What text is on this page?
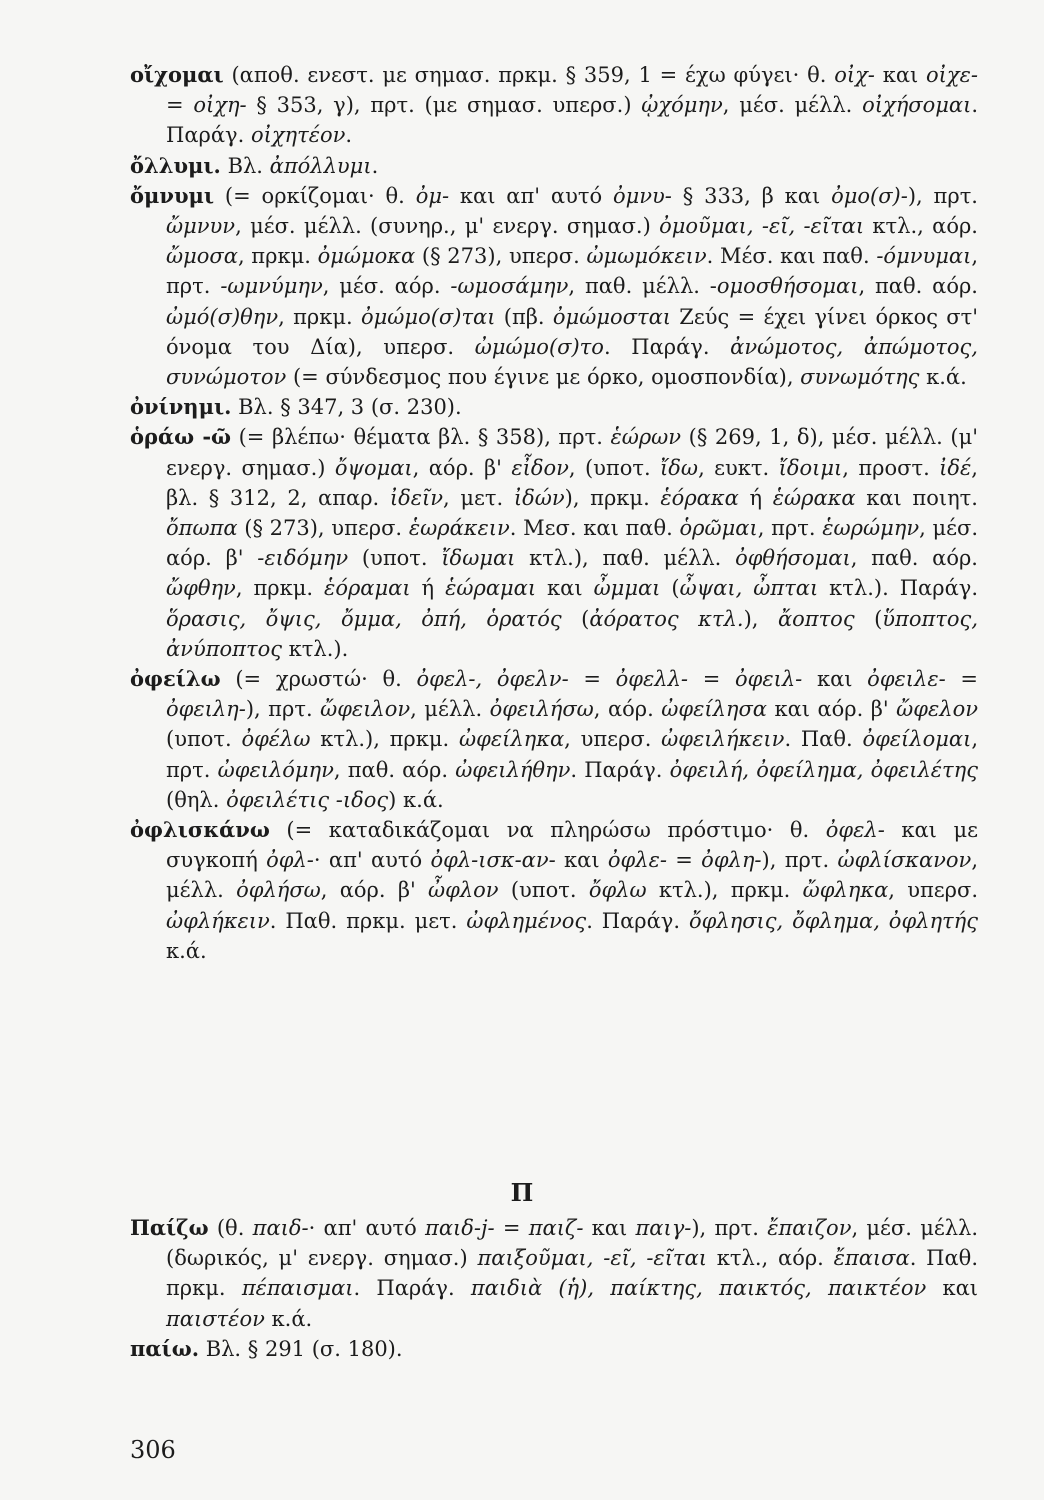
οἴχομαι (αποθ. ενεστ. με σημασ. πρκμ. § 359, 1 = έχω φύγει· θ. οἰχ- και οἰχε- = οἰχη- § 353, γ), πρτ. (με σημασ. υπερσ.) ᾠχόμην, μέσ. μέλλ. οἰχήσομαι. Παράγ. οἰχητέον.

ὄλλυμι. Βλ. ἀπόλλυμι.

ὄμνυμι (= ορκίζομαι· θ. ὀμ- και απ' αυτό ὀμνυ- § 333, β και ὀμο(σ)-), πρτ. ὤμνυν, μέσ. μέλλ. (συνηρ., μ' ενεργ. σημασ.) ὀμοῦμαι, -εῖ, -εῖται κτλ., αόρ. ὤμοσα, πρκμ. ὀμώμοκα (§ 273), υπερσ. ὠμωμόκειν. Μέσ. και παθ. -όμνυμαι, πρτ. -ωμνύμην, μέσ. αόρ. -ωμοσάμην, παθ. μέλλ. -ομοσθήσομαι, παθ. αόρ. ὠμό(σ)θην, πρκμ. ὀμώμο(σ)ται (πβ. ὀμώμοσται Ζεύς = έχει γίνει όρκος στ' όνομα του Δία), υπερσ. ὠμώμο(σ)το. Παράγ. ἀνώμοτος, ἀπώμοτος, συνώμοτον (= σύνδεσμος που έγινε με όρκο, ομοσπονδία), συνωμότης κ.ά.

ὀνίνημι. Βλ. § 347, 3 (σ. 230).

ὁράω -ῶ (= βλέπω· θέματα βλ. § 358), πρτ. ἑώρων (§ 269, 1, δ), μέσ. μέλλ. (μ' ενεργ. σημασ.) ὄψομαι, αόρ. β' εἶδον, (υποτ. ἴδω, ευκτ. ἴδοιμι, προστ. ἰδέ, βλ. § 312, 2, απαρ. ἰδεῖν, μετ. ἰδών), πρκμ. ἑόρακα ή ἑώρακα και ποιητ. ὄπωπα (§ 273), υπερσ. ἑωράκειν. Μεσ. και παθ. ὁρῶμαι, πρτ. ἑωρώμην, μέσ. αόρ. β' -ειδόμην (υποτ. ἴδωμαι κτλ.), παθ. μέλλ. ὀφθήσομαι, παθ. αόρ. ὤφθην, πρκμ. ἑόραμαι ή ἑώραμαι και ὦμμαι (ὦψαι, ὦπται κτλ.). Παράγ. ὅρασις, ὄψις, ὄμμα, ὀπή, ὁρατός (ἀόρατος κτλ.), ἄοπτος (ὕποπτος, ἀνύποπτος κτλ.).

ὀφείλω (= χρωστώ· θ. ὀφελ-, ὀφελν- = ὀφελλ- = ὀφειλ- και ὀφειλε- = ὀφειλη-), πρτ. ὤφειλον, μέλλ. ὀφειλήσω, αόρ. ὠφείλησα και αόρ. β' ὤφελον (υποτ. ὀφέλω κτλ.), πρκμ. ὠφείληκα, υπερσ. ὠφειλήκειν. Παθ. ὀφείλομαι, πρτ. ὠφειλόμην, παθ. αόρ. ὠφειλήθην. Παράγ. ὀφειλή, ὀφείλημα, ὀφειλέτης (θηλ. ὀφειλέτις -ιδος) κ.ά.

ὀφλισκάνω (= καταδικάζομαι να πληρώσω πρόστιμο· θ. ὀφελ- και με συγκοπή ὀφλ-· απ' αυτό ὀφλ-ισκ-αν- και ὀφλε- = ὀφλη-), πρτ. ὠφλίσκανον, μέλλ. ὀφλήσω, αόρ. β' ὦφλον (υποτ. ὄφλω κτλ.), πρκμ. ὤφληκα, υπερσ. ὠφλήκειν. Παθ. πρκμ. μετ. ὠφλημένος. Παράγ. ὄφλησις, ὄφλημα, ὀφλητής κ.ά.

Π

Παίζω (θ. παιδ-· απ' αυτό παιδ-j- = παιζ- και παιγ-), πρτ. ἔπαιζον, μέσ. μέλλ. (δωρικός, μ' ενεργ. σημασ.) παιξοῦμαι, -εῖ, -εῖται κτλ., αόρ. ἔπαισα. Παθ. πρκμ. πέπαισμαι. Παράγ. παιδιὰ (ἡ), παίκτης, παικτός, παικτέον και παιστέον κ.ά.

παίω. Βλ. § 291 (σ. 180).

306
